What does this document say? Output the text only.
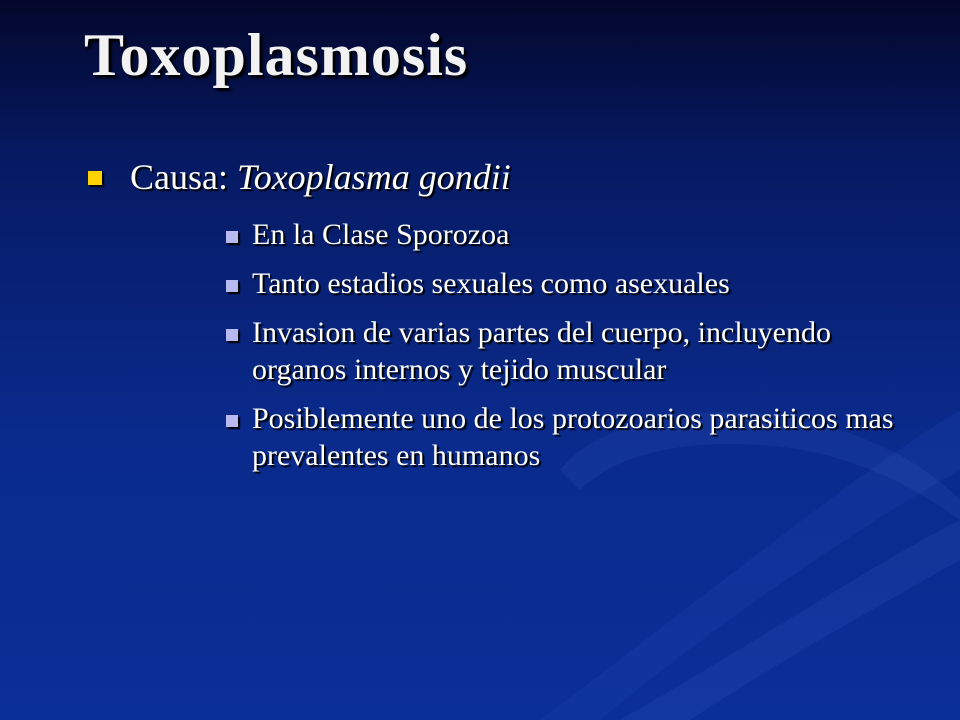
Toxoplasmosis
Causa: Toxoplasma gondii
En la Clase Sporozoa
Tanto estadios sexuales como asexuales
Invasion de varias partes del cuerpo, incluyendo organos internos y tejido muscular
Posiblemente uno de los protozoarios parasiticos mas prevalentes en humanos
